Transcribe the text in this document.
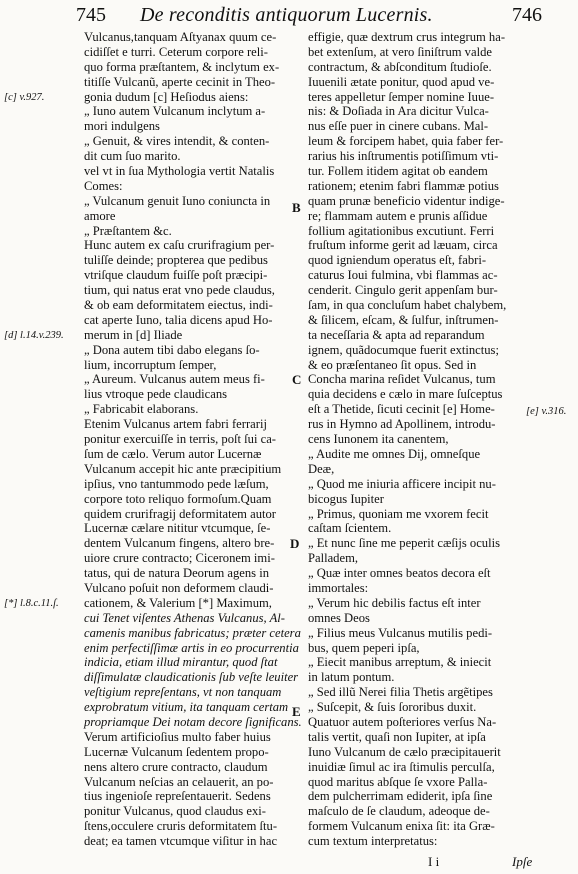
745 De reconditis antiquorum Lucernis.	746
Vulcanus,tanquam Aſtyanax quum ce-
cidiſſet e turri. Ceterum corpore reli-
quo forma præſtantem, & inclytum ex-
titiſſe Vulcanũ, aperte cecinit in Theo-
gonia dudum [c] Heſiodus aiens:
„ Iuno autem Vulcanum inclytum a-
mori indulgens
„ Genuit, & vires intendit, & conten-
dit cum ſuo marito.
vel vt in ſua Mythologia vertit Natalis
Comes:
„ Vulcanum genuit Iuno coniuncta in
amore
„ Præſtantem &c.
Hunc autem ex caſu crurifragium per-
tuliſſe deinde; propterea que pedibus
vtriſque claudum fuiſſe poſt præcipi-
tium, qui natus erat vno pede claudus,
& ob eam deformitatem eiectus, indi-
cat aperte Iuno, talia dicens apud Ho-
merum in [d] Iliade
„ Dona autem tibi dabo elegans ſo-
lium, incorruptum ſemper,
„ Aureum. Vulcanus autem meus fi-
lius vtroque pede claudicans
„ Fabricabit elaborans.
Etenim Vulcanus artem fabri ferrarij
ponitur exercuiſſe in terris, poſt ſui ca-
ſum de cælo. Verum autor Lucernæ
Vulcanum accepit hic ante præcipitium
ipſius, vno tantummodo pede læſum,
corpore toto reliquo formoſum.Quam
quidem crurifragij deformitatem autor
Lucernæ cælare nititur vtcumque, ſe-
dentem Vulcanum fingens, altero bre-
uiore crure contracto; Ciceronem imi-
tatus, qui de natura Deorum agens in
Vulcano poſuit non deformem claudi-
cationem, & Valerium [*] Maximum,
cui Tenet viſentes Athenas Vulcanus, Al-
camenis manibus fabricatus; præter cetera
enim perfectiſſimæ artis in eo procurrentia
indicia, etiam illud mirantur, quod ſtat
diſſimulatæ claudicationis ſub veſte leuiter
veſtigium repreſentans, vt non tanquam
exprobratum vitium, ita tanquam certam
propriamque Dei notam decore ſignificans.
Verum artificioſius multo faber huius
Lucernæ Vulcanum ſedentem propo-
nens altero crure contracto, claudum
Vulcanum neſcias an celauerit, an po-
tius ingenioſe repreſentauerit. Sedens
ponitur Vulcanus, quod claudus exi-
ſtens,occulere cruris deformitatem ſtu-
deat; ea tamen vtcumque viſitur in hac
effigie, quæ dextrum crus integrum ha-
bet extenſum, at vero ſiniſtrum valde
contractum, & abſconditum ſtudioſe.
Iuuenili ætate ponitur, quod apud ve-
teres appelletur ſemper nomine Iuue-
nis: & Doſiada in Ara dicitur Vulca-
nus eſſe puer in cinere cubans. Mal-
leum & forcipem habet, quia faber fer-
rarius his inſtrumentis potiſſimum vti-
tur. Follem itidem agitat ob eandem
rationem; etenim fabri flammæ potius
quam prunæ beneficio videntur indige-
re; flammam autem e prunis aſſidue
follium agitationibus excutiunt. Ferri
fruſtum informe gerit ad læuam, circa
quod igniendum operatus eſt, fabri-
caturus Ioui fulmina, vbi flammas ac-
cenderit. Cingulo gerit appenſam bur-
ſam, in qua concluſum habet chalybem,
& ſilicem, eſcam, & ſulfur, inſtrumen-
ta neceſſaria & apta ad reparandum
ignem, quãdocumque fuerit extinctus;
& eo præſentaneo ſit opus. Sed in
Concha marina reſidet Vulcanus, tum
quia decidens e cælo in mare ſuſceptus
eſt a Thetide, ſicuti cecinit [e] Home-
rus in Hymno ad Apollinem, introdu-
cens Iunonem ita canentem,
„ Audite me omnes Dij, omneſque
Deæ,
„ Quod me iniuria afficere incipit nu-
bicogus Iupiter
„ Primus, quoniam me vxorem fecit
caſtam ſcientem.
„ Et nunc ſine me peperit cæſijs oculis
Palladem,
„ Quæ inter omnes beatos decora eſt
immortales:
„ Verum hic debilis factus eſt inter
omnes Deos
„ Filius meus Vulcanus mutilis pedi-
bus, quem peperi ipſa,
„ Eiecit manibus arreptum, & iniecit
in latum pontum.
„ Sed illũ Nerei filia Thetis argẽtipes
„ Suſcepit, & ſuis ſororibus duxit.
Quatuor autem poſteriores verſus Na-
talis vertit, quaſi non Iupiter, at ipſa
Iuno Vulcanum de cælo præcipitauerit
inuidiæ ſimul ac ira ſtimulis perculſa,
quod maritus abſque ſe vxore Palla-
dem pulcherrimam ediderit, ipſa ſine
maſculo de ſe claudum, adeoque de-
formem Vulcanum enixa ſit: ita Græ-
cum textum interpretatus:
[c] v.927.
[d] l.14.v.239.
[*] l.8.c.11.ſ.
[e] v.316.
B
C
D
E
I i	Ipſe
